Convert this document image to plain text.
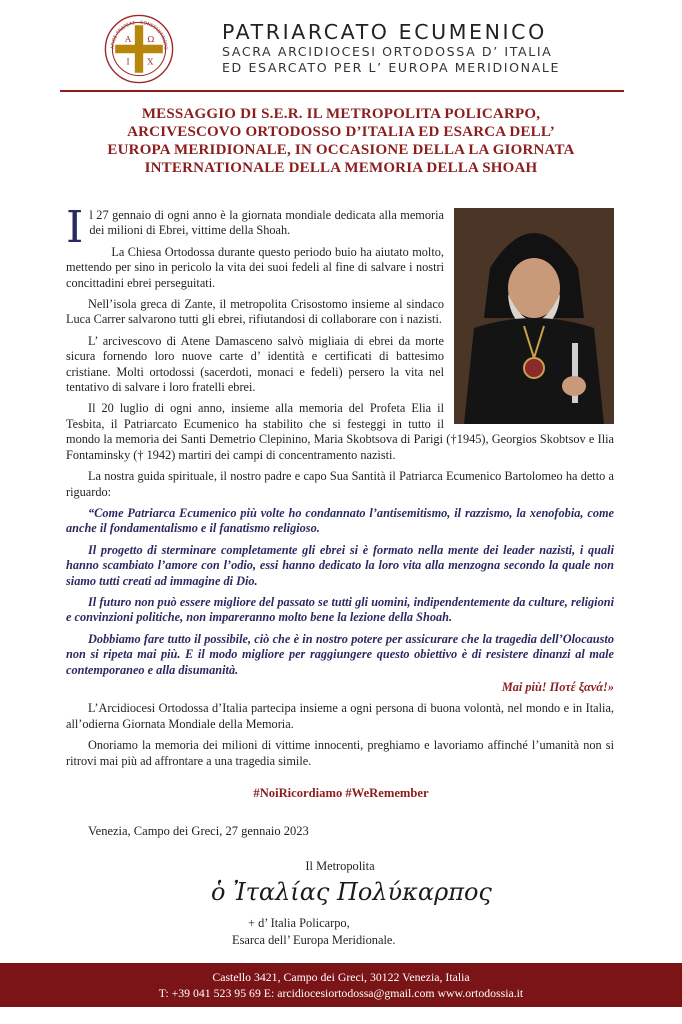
Α Ω
Ι Χ
ΑΓΙΟΣ ΑΝΔΡΕΑΣ · CONSTANTINOPO
PATRIARCATO ECUMENICO
SACRA ARCIDIOCESI ORTODOSSA D’ ITALIA
ED ESARCATO PER L’ EUROPA MERIDIONALE
MESSAGGIO DI S.E.R. IL METROPOLITA POLICARPO,
ARCIVESCOVO ORTODOSSO D’ITALIA ED ESARCA DELL’
EUROPA MERIDIONALE, IN OCCASIONE DELLA LA GIORNATA
INTERNATIONALE DELLA MEMORIA DELLA SHOAH

Il 27 gennaio di ogni anno è la giornata mondiale dedicata alla memoria dei milioni di Ebrei, vittime della Shoah.

La Chiesa Ortodossa durante questo periodo buio ha aiutato molto, mettendo per sino in pericolo la vita dei suoi fedeli al fine di salvare i nostri concittadini ebrei perseguitati.

Nell’isola greca di Zante, il metropolita Crisostomo insieme al sindaco Luca Carrer salvarono tutti gli ebrei, rifiutandosi di collaborare con i nazisti.

L’ arcivescovo di Atene Damasceno salvò migliaia di ebrei da morte sicura fornendo loro nuove carte d’ identità e certificati di battesimo cristiane. Molti ortodossi (sacerdoti, monaci e fedeli) persero la vita nel tentativo di salvare i loro fratelli ebrei.

Il 20 luglio di ogni anno, insieme alla memoria del Profeta Elia il Tesbita, il Patriarcato Ecumenico ha stabilito che si festeggi in tutto il mondo la memoria dei Santi Demetrio Clepinino, Maria Skobtsova di Parigi (†1945), Georgios Skobtsov e Ilia Fontaminsky († 1942) martiri dei campi di concentramento nazisti.

La nostra guida spirituale, il nostro padre e capo Sua Santità il Patriarca Ecumenico Bartolomeo ha detto a riguardo:

“Come Patriarca Ecumenico più volte ho condannato l’antisemitismo, il razzismo, la xenofobia, come anche il fondamentalismo e il fanatismo religioso.

Il progetto di sterminare completamente gli ebrei si è formato nella mente dei leader nazisti, i quali hanno scambiato l’amore con l’odio, essi hanno dedicato la loro vita alla menzogna secondo la quale non siamo tutti creati ad immagine di Dio.

Il futuro non può essere migliore del passato se tutti gli uomini, indipendentemente da culture, religioni e convinzioni politiche, non impareranno molto bene la lezione della Shoah.

Dobbiamo fare tutto il possibile, ciò che è in nostro potere per assicurare che la tragedia dell’Olocausto non si ripeta mai più. E il modo migliore per raggiungere questo obiettivo è di resistere dinanzi al male contemporaneo e alla disumanità.

Mai più! Ποτέ ξανά!»

L’Arcidiocesi Ortodossa d’Italia partecipa insieme a ogni persona di buona volontà, nel mondo e in Italia, all’odierna Giornata Mondiale della Memoria.

Onoriamo la memoria dei milioni di vittime innocenti, preghiamo e lavoriamo affinché l’umanità non si ritrovi mai più ad affrontare a una tragedia simile.

#NoiRicordiamo #WeRemember
Venezia, Campo dei Greci, 27 gennaio 2023
Il Metropolita
ὁ Ἰταλίας Πολύκαρπος
+ d’ Italia Policarpo,
Esarca dell’ Europa Meridionale.
Castello 3421, Campo dei Greci, 30122 Venezia, Italia
T: +39 041 523 95 69 E: arcidiocesiortodossa@gmail.com www.ortodossia.it
